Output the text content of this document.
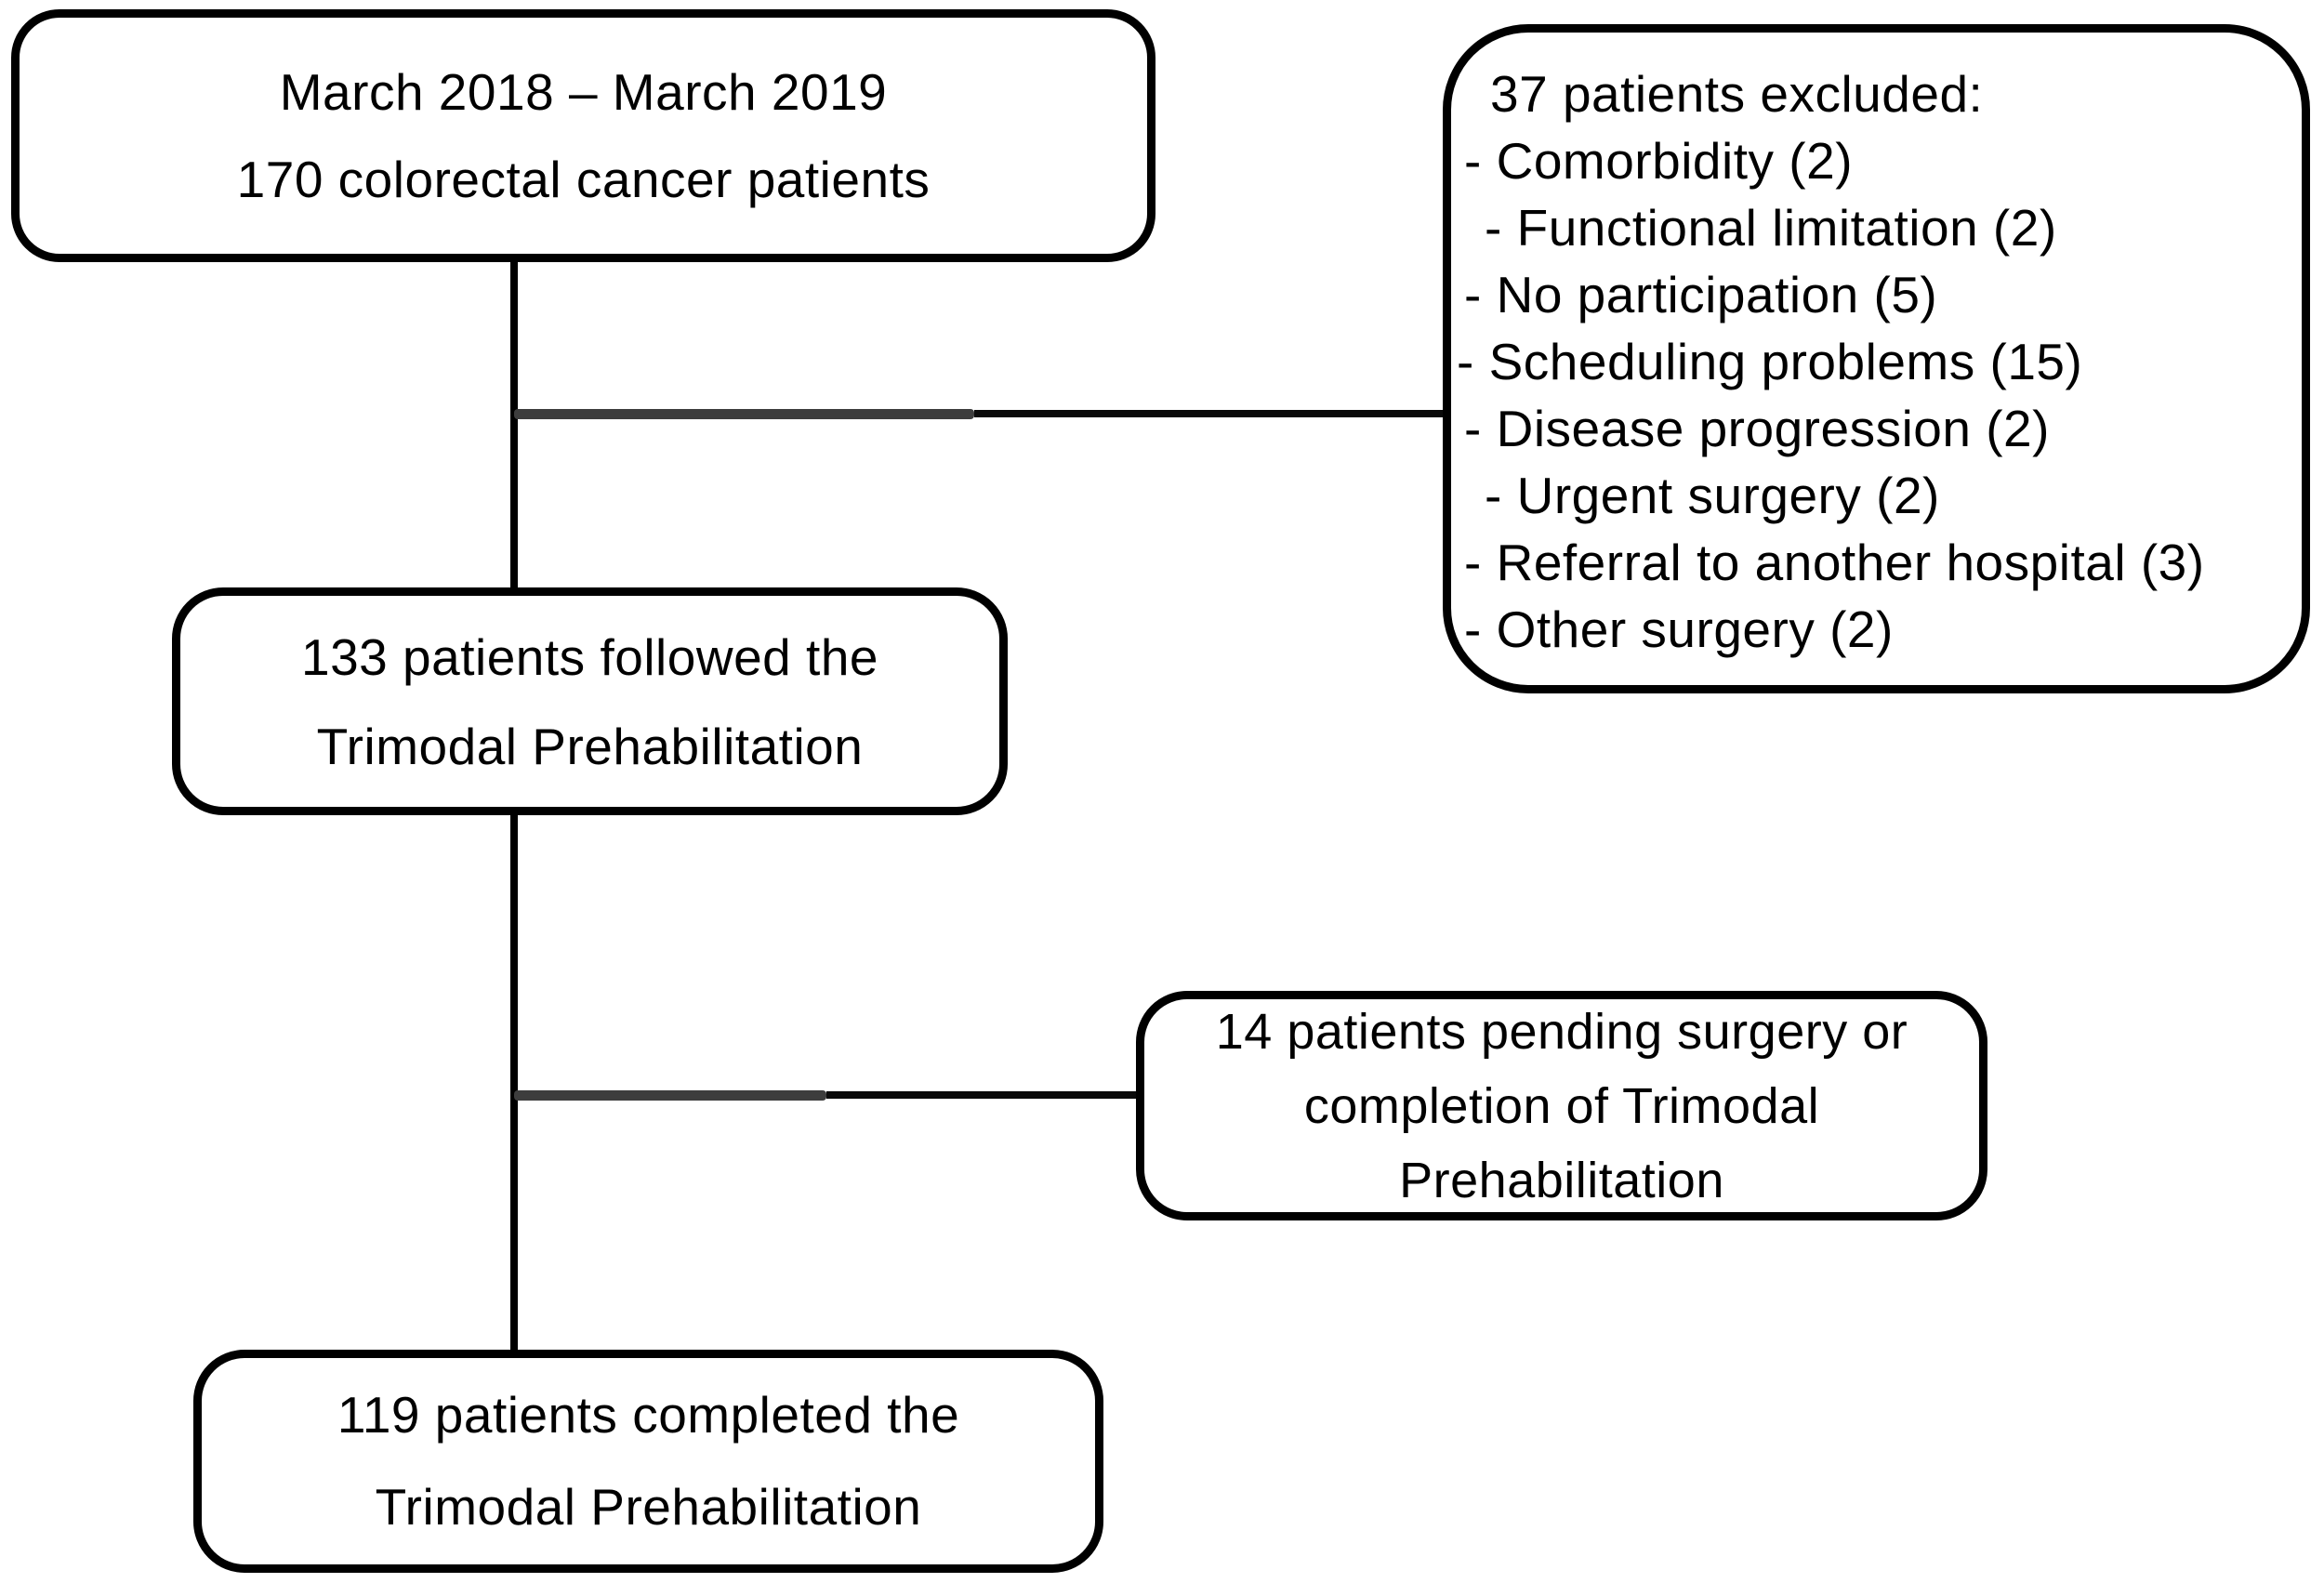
March 2018 – March 2019
170 colorectal cancer patients
37 patients excluded:
- Comorbidity (2)
- Functional limitation (2)
- No participation (5)
- Scheduling problems (15)
- Disease progression (2)
- Urgent surgery (2)
- Referral to another hospital (3)
- Other surgery (2)
133 patients followed the
Trimodal Prehabilitation
14 patients pending surgery or
completion of Trimodal
Prehabilitation
119 patients completed the
Trimodal Prehabilitation
